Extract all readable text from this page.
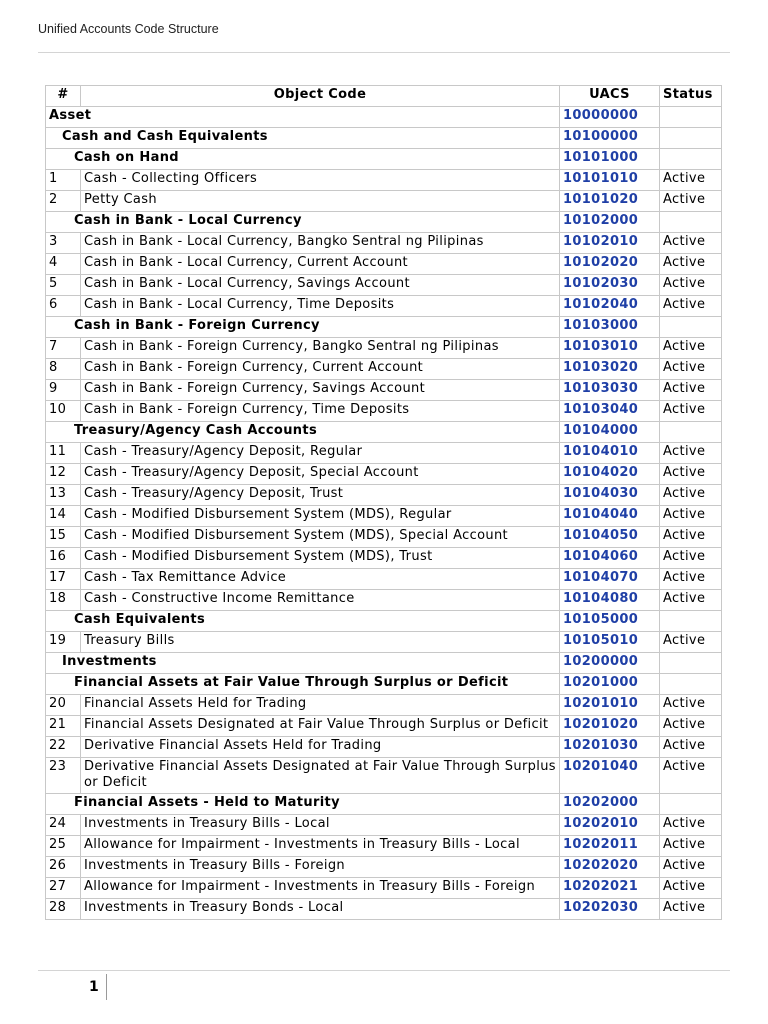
Unified Accounts Code Structure
#	Object Code	UACS	Status
Asset		10000000	
Cash and Cash Equivalents		10100000	
Cash on Hand		10101000	
1	Cash - Collecting Officers	10101010	Active
2	Petty Cash	10101020	Active
Cash in Bank - Local Currency		10102000	
3	Cash in Bank - Local Currency, Bangko Sentral ng Pilipinas	10102010	Active
4	Cash in Bank - Local Currency, Current Account	10102020	Active
5	Cash in Bank - Local Currency, Savings Account	10102030	Active
6	Cash in Bank - Local Currency, Time Deposits	10102040	Active
Cash in Bank - Foreign Currency		10103000	
7	Cash in Bank - Foreign Currency, Bangko Sentral ng Pilipinas	10103010	Active
8	Cash in Bank - Foreign Currency, Current Account	10103020	Active
9	Cash in Bank - Foreign Currency, Savings Account	10103030	Active
10	Cash in Bank - Foreign Currency, Time Deposits	10103040	Active
Treasury/Agency Cash Accounts		10104000	
11	Cash - Treasury/Agency Deposit, Regular	10104010	Active
12	Cash - Treasury/Agency Deposit, Special Account	10104020	Active
13	Cash - Treasury/Agency Deposit, Trust	10104030	Active
14	Cash - Modified Disbursement System (MDS), Regular	10104040	Active
15	Cash - Modified Disbursement System (MDS), Special Account	10104050	Active
16	Cash - Modified Disbursement System (MDS), Trust	10104060	Active
17	Cash - Tax Remittance Advice	10104070	Active
18	Cash - Constructive Income Remittance	10104080	Active
Cash Equivalents		10105000	
19	Treasury Bills	10105010	Active
Investments		10200000	
Financial Assets at Fair Value Through Surplus or Deficit		10201000	
20	Financial Assets Held for Trading	10201010	Active
21	Financial Assets Designated at Fair Value Through Surplus or Deficit	10201020	Active
22	Derivative Financial Assets Held for Trading	10201030	Active
23	Derivative Financial Assets Designated at Fair Value Through Surplus or Deficit	10201040	Active
Financial Assets - Held to Maturity		10202000	
24	Investments in Treasury Bills - Local	10202010	Active
25	Allowance for Impairment - Investments in Treasury Bills - Local	10202011	Active
26	Investments in Treasury Bills - Foreign	10202020	Active
27	Allowance for Impairment - Investments in Treasury Bills - Foreign	10202021	Active
28	Investments in Treasury Bonds - Local	10202030	Active
1
